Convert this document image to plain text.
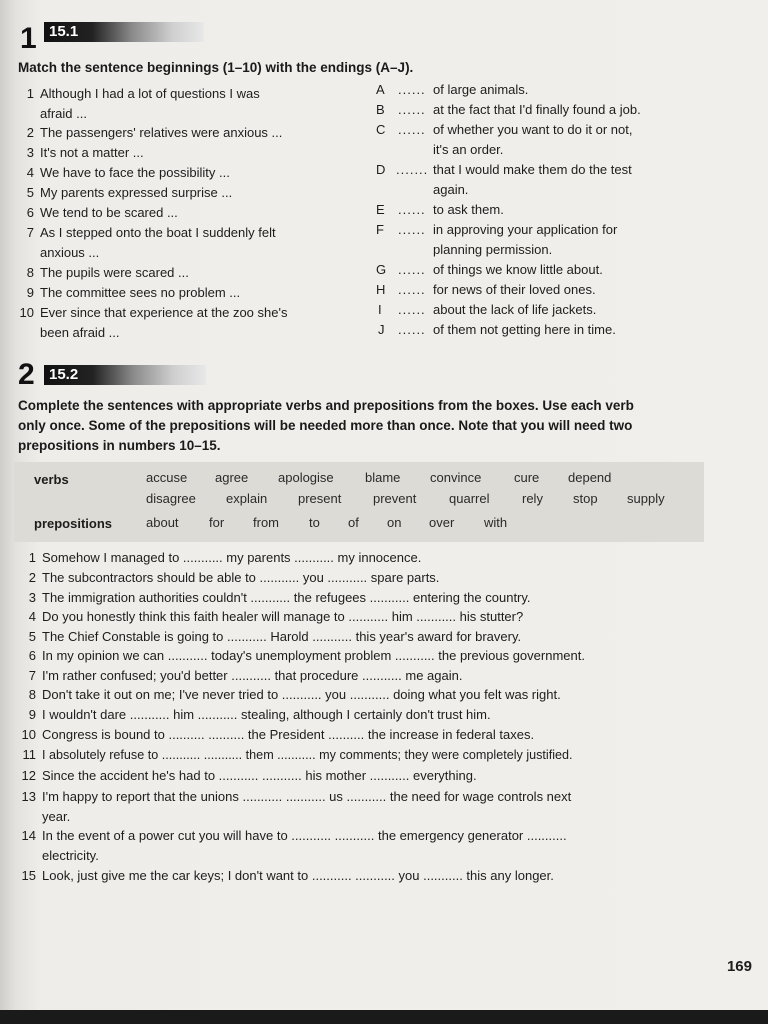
1 15.1
Match the sentence beginnings (1–10) with the endings (A–J).
1 Although I had a lot of questions I was
afraid ...
2 The passengers' relatives were anxious ...
3 It's not a matter ...
4 We have to face the possibility ...
5 My parents expressed surprise ...
6 We tend to be scared ...
7 As I stepped onto the boat I suddenly felt
anxious ...
8 The pupils were scared ...
9 The committee sees no problem ...
10 Ever since that experience at the zoo she's
been afraid ...
A ...... of large animals.
B ...... at the fact that I'd finally found a job.
C ...... of whether you want to do it or not,
it's an order.
D ....... that I would make them do the test
again.
E ...... to ask them.
F ...... in approving your application for
planning permission.
G ...... of things we know little about.
H ...... for news of their loved ones.
I ...... about the lack of life jackets.
J ...... of them not getting here in time.
2 15.2
Complete the sentences with appropriate verbs and prepositions from the boxes. Use each verb
only once. Some of the prepositions will be needed more than once. Note that you will need two
prepositions in numbers 10–15.
verbs	accuse agree apologise blame convince	cure depend
disagree explain present prevent	quarrel	rely stop supply
prepositions	about for from to of on over with
1 Somehow I managed to ........... my parents ........... my innocence.
2 The subcontractors should be able to ........... you ........... spare parts.
3 The immigration authorities couldn't ........... the refugees ........... entering the country.
4 Do you honestly think this faith healer will manage to ........... him ........... his stutter?
5 The Chief Constable is going to ........... Harold ........... this year's award for bravery.
6 In my opinion we can ........... today's unemployment problem ........... the previous government.
7 I'm rather confused; you'd better ........... that procedure ........... me again.
8 Don't take it out on me; I've never tried to ........... you ........... doing what you felt was right.
9 I wouldn't dare ........... him ........... stealing, although I certainly don't trust him.
10 Congress is bound to .......... .......... the President .......... the increase in federal taxes.
11 I absolutely refuse to ........... ........... them ........... my comments; they were completely justified.
12 Since the accident he's had to ........... ........... his mother ........... everything.
13 I'm happy to report that the unions ........... ........... us ........... the need for wage controls next
year.
14 In the event of a power cut you will have to ........... ........... the emergency generator ...........
electricity.
15 Look, just give me the car keys; I don't want to ........... ........... you ........... this any longer.
169
